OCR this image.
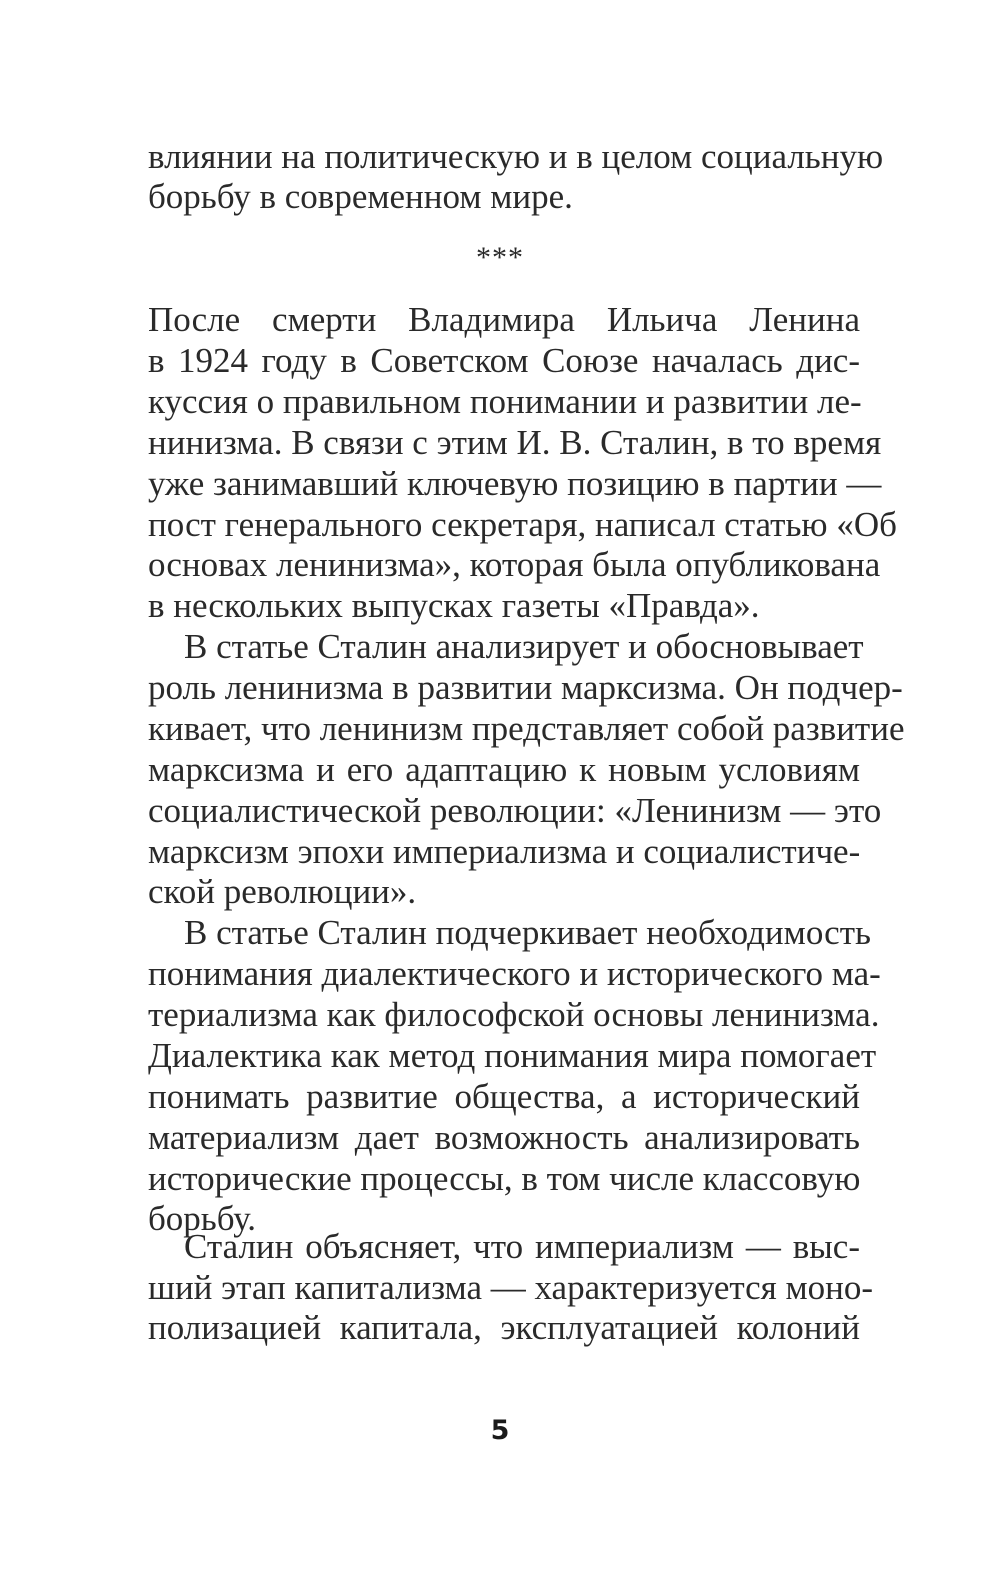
влиянии на политическую и в целом социальную

борьбу в современном мире.

***

После смерти Владимира Ильича Ленина

в 1924 году в Советском Союзе началась дис-

куссия о правильном понимании и развитии ле-

нинизма. В связи с этим И. В. Сталин, в то время

уже занимавший ключевую позицию в партии —

пост генерального секретаря, написал статью «Об

основах ленинизма», которая была опубликована

в нескольких выпусках газеты «Правда».

В статье Сталин анализирует и обосновывает

роль ленинизма в развитии марксизма. Он подчер-

кивает, что ленинизм представляет собой развитие

марксизма и его адаптацию к новым условиям

социалистической революции: «Ленинизм — это

марксизм эпохи империализма и социалистиче-

ской революции».

В статье Сталин подчеркивает необходимость

понимания диалектического и исторического ма-

териализма как философской основы ленинизма.

Диалектика как метод понимания мира помогает

понимать развитие общества, а исторический

материализм дает возможность анализировать

исторические процессы, в том числе классовую

борьбу.

Сталин объясняет, что империализм — выс-

ший этап капитализма — характеризуется моно-

полизацией капитала, эксплуатацией колоний

5
